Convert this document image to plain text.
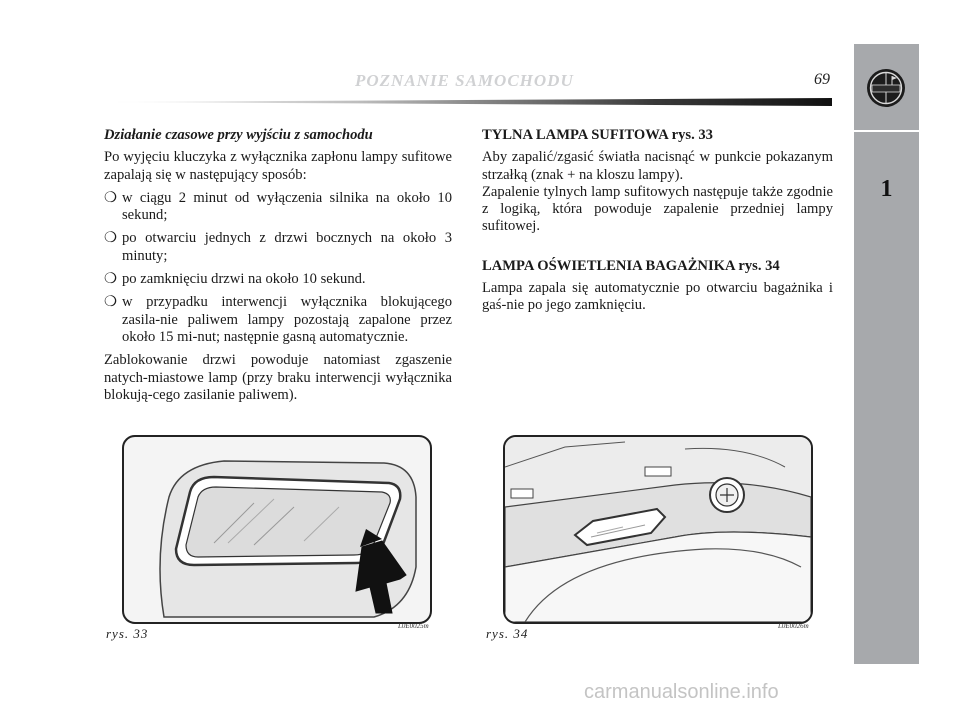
POZNANIE SAMOCHODU	69
1
Działanie czasowe przy wyjściu z samochodu

Po wyjęciu kluczyka z wyłącznika zapłonu lampy sufitowe zapalają się w następujący sposób:

❍ w ciągu 2 minut od wyłączenia silnika na około 10 sekund;
❍ po otwarciu jednych z drzwi bocznych na około 3 minuty;
❍ po zamknięciu drzwi na około 10 sekund.
❍ w przypadku interwencji wyłącznika blokującego zasila-nie paliwem lampy pozostają zapalone przez około 15 mi-nut; następnie gasną automatycznie.

Zablokowanie drzwi powoduje natomiast zgaszenie natych-miastowe lamp (przy braku interwencji wyłącznika blokują-cego zasilanie paliwem).

TYLNA LAMPA SUFITOWA rys. 33

Aby zapalić/zgasić światła nacisnąć w punkcie pokazanym strzałką (znak + na kloszu lampy).

Zapalenie tylnych lamp sufitowych następuje także zgodnie z logiką, która powoduje zapalenie przedniej lampy sufitowej.

LAMPA OŚWIETLENIA BAGAŻNIKA rys. 34

Lampa zapala się automatycznie po otwarciu bagażnika i gaś-nie po jego zamknięciu.

rys. 33	L0E0025m	rys. 34	L0E0026m
carmanualsonline.info
